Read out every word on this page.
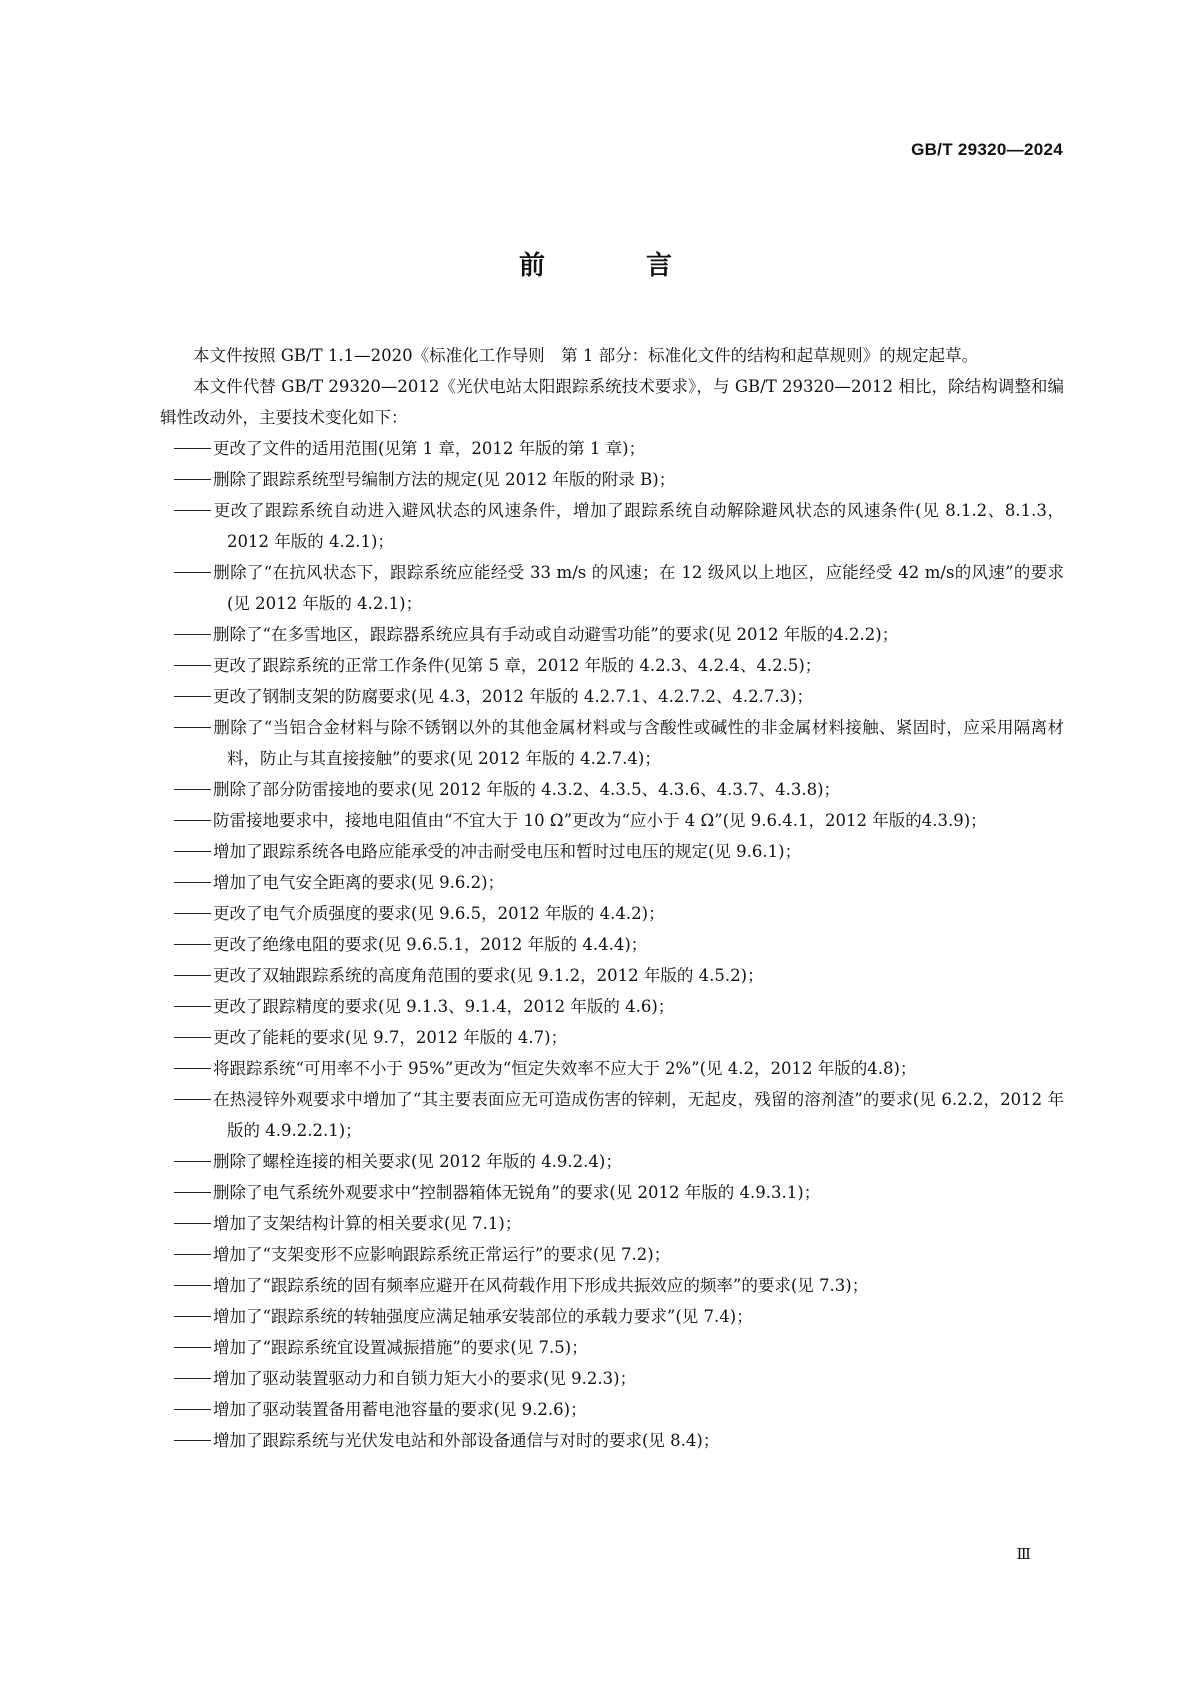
GB/T 29320—2024
前 言

本文件按照 GB/T 1.1—2020《标准化工作导则　第 1 部分：标准化文件的结构和起草规则》的规定起草。

本文件代替 GB/T 29320—2012《光伏电站太阳跟踪系统技术要求》，与 GB/T 29320—2012 相比，除结构调整和编辑性改动外，主要技术变化如下：

更改了文件的适用范围(见第 1 章，2012 年版的第 1 章)；
删除了跟踪系统型号编制方法的规定(见 2012 年版的附录 B)；
更改了跟踪系统自动进入避风状态的风速条件，增加了跟踪系统自动解除避风状态的风速条件(见 8.1.2、8.1.3，2012 年版的 4.2.1)；
删除了“在抗风状态下，跟踪系统应能经受 33 m/s 的风速；在 12 级风以上地区，应能经受 42 m/s的风速”的要求(见 2012 年版的 4.2.1)；
删除了“在多雪地区，跟踪器系统应具有手动或自动避雪功能”的要求(见 2012 年版的4.2.2)；
更改了跟踪系统的正常工作条件(见第 5 章，2012 年版的 4.2.3、4.2.4、4.2.5)；
更改了钢制支架的防腐要求(见 4.3，2012 年版的 4.2.7.1、4.2.7.2、4.2.7.3)；
删除了“当铝合金材料与除不锈钢以外的其他金属材料或与含酸性或碱性的非金属材料接触、紧固时，应采用隔离材料，防止与其直接接触”的要求(见 2012 年版的 4.2.7.4)；
删除了部分防雷接地的要求(见 2012 年版的 4.3.2、4.3.5、4.3.6、4.3.7、4.3.8)；
防雷接地要求中，接地电阻值由“不宜大于 10 Ω”更改为“应小于 4 Ω”(见 9.6.4.1，2012 年版的4.3.9)；
增加了跟踪系统各电路应能承受的冲击耐受电压和暂时过电压的规定(见 9.6.1)；
增加了电气安全距离的要求(见 9.6.2)；
更改了电气介质强度的要求(见 9.6.5，2012 年版的 4.4.2)；
更改了绝缘电阻的要求(见 9.6.5.1，2012 年版的 4.4.4)；
更改了双轴跟踪系统的高度角范围的要求(见 9.1.2，2012 年版的 4.5.2)；
更改了跟踪精度的要求(见 9.1.3、9.1.4，2012 年版的 4.6)；
更改了能耗的要求(见 9.7，2012 年版的 4.7)；
将跟踪系统“可用率不小于 95%”更改为“恒定失效率不应大于 2%”(见 4.2，2012 年版的4.8)；
在热浸锌外观要求中增加了“其主要表面应无可造成伤害的锌刺，无起皮，残留的溶剂渣”的要求(见 6.2.2，2012 年版的 4.9.2.2.1)；
删除了螺栓连接的相关要求(见 2012 年版的 4.9.2.4)；
删除了电气系统外观要求中“控制器箱体无锐角”的要求(见 2012 年版的 4.9.3.1)；
增加了支架结构计算的相关要求(见 7.1)；
增加了“支架变形不应影响跟踪系统正常运行”的要求(见 7.2)；
增加了“跟踪系统的固有频率应避开在风荷载作用下形成共振效应的频率”的要求(见 7.3)；
增加了“跟踪系统的转轴强度应满足轴承安装部位的承载力要求”(见 7.4)；
增加了“跟踪系统宜设置减振措施”的要求(见 7.5)；
增加了驱动装置驱动力和自锁力矩大小的要求(见 9.2.3)；
增加了驱动装置备用蓄电池容量的要求(见 9.2.6)；
增加了跟踪系统与光伏发电站和外部设备通信与对时的要求(见 8.4)；
Ⅲ
